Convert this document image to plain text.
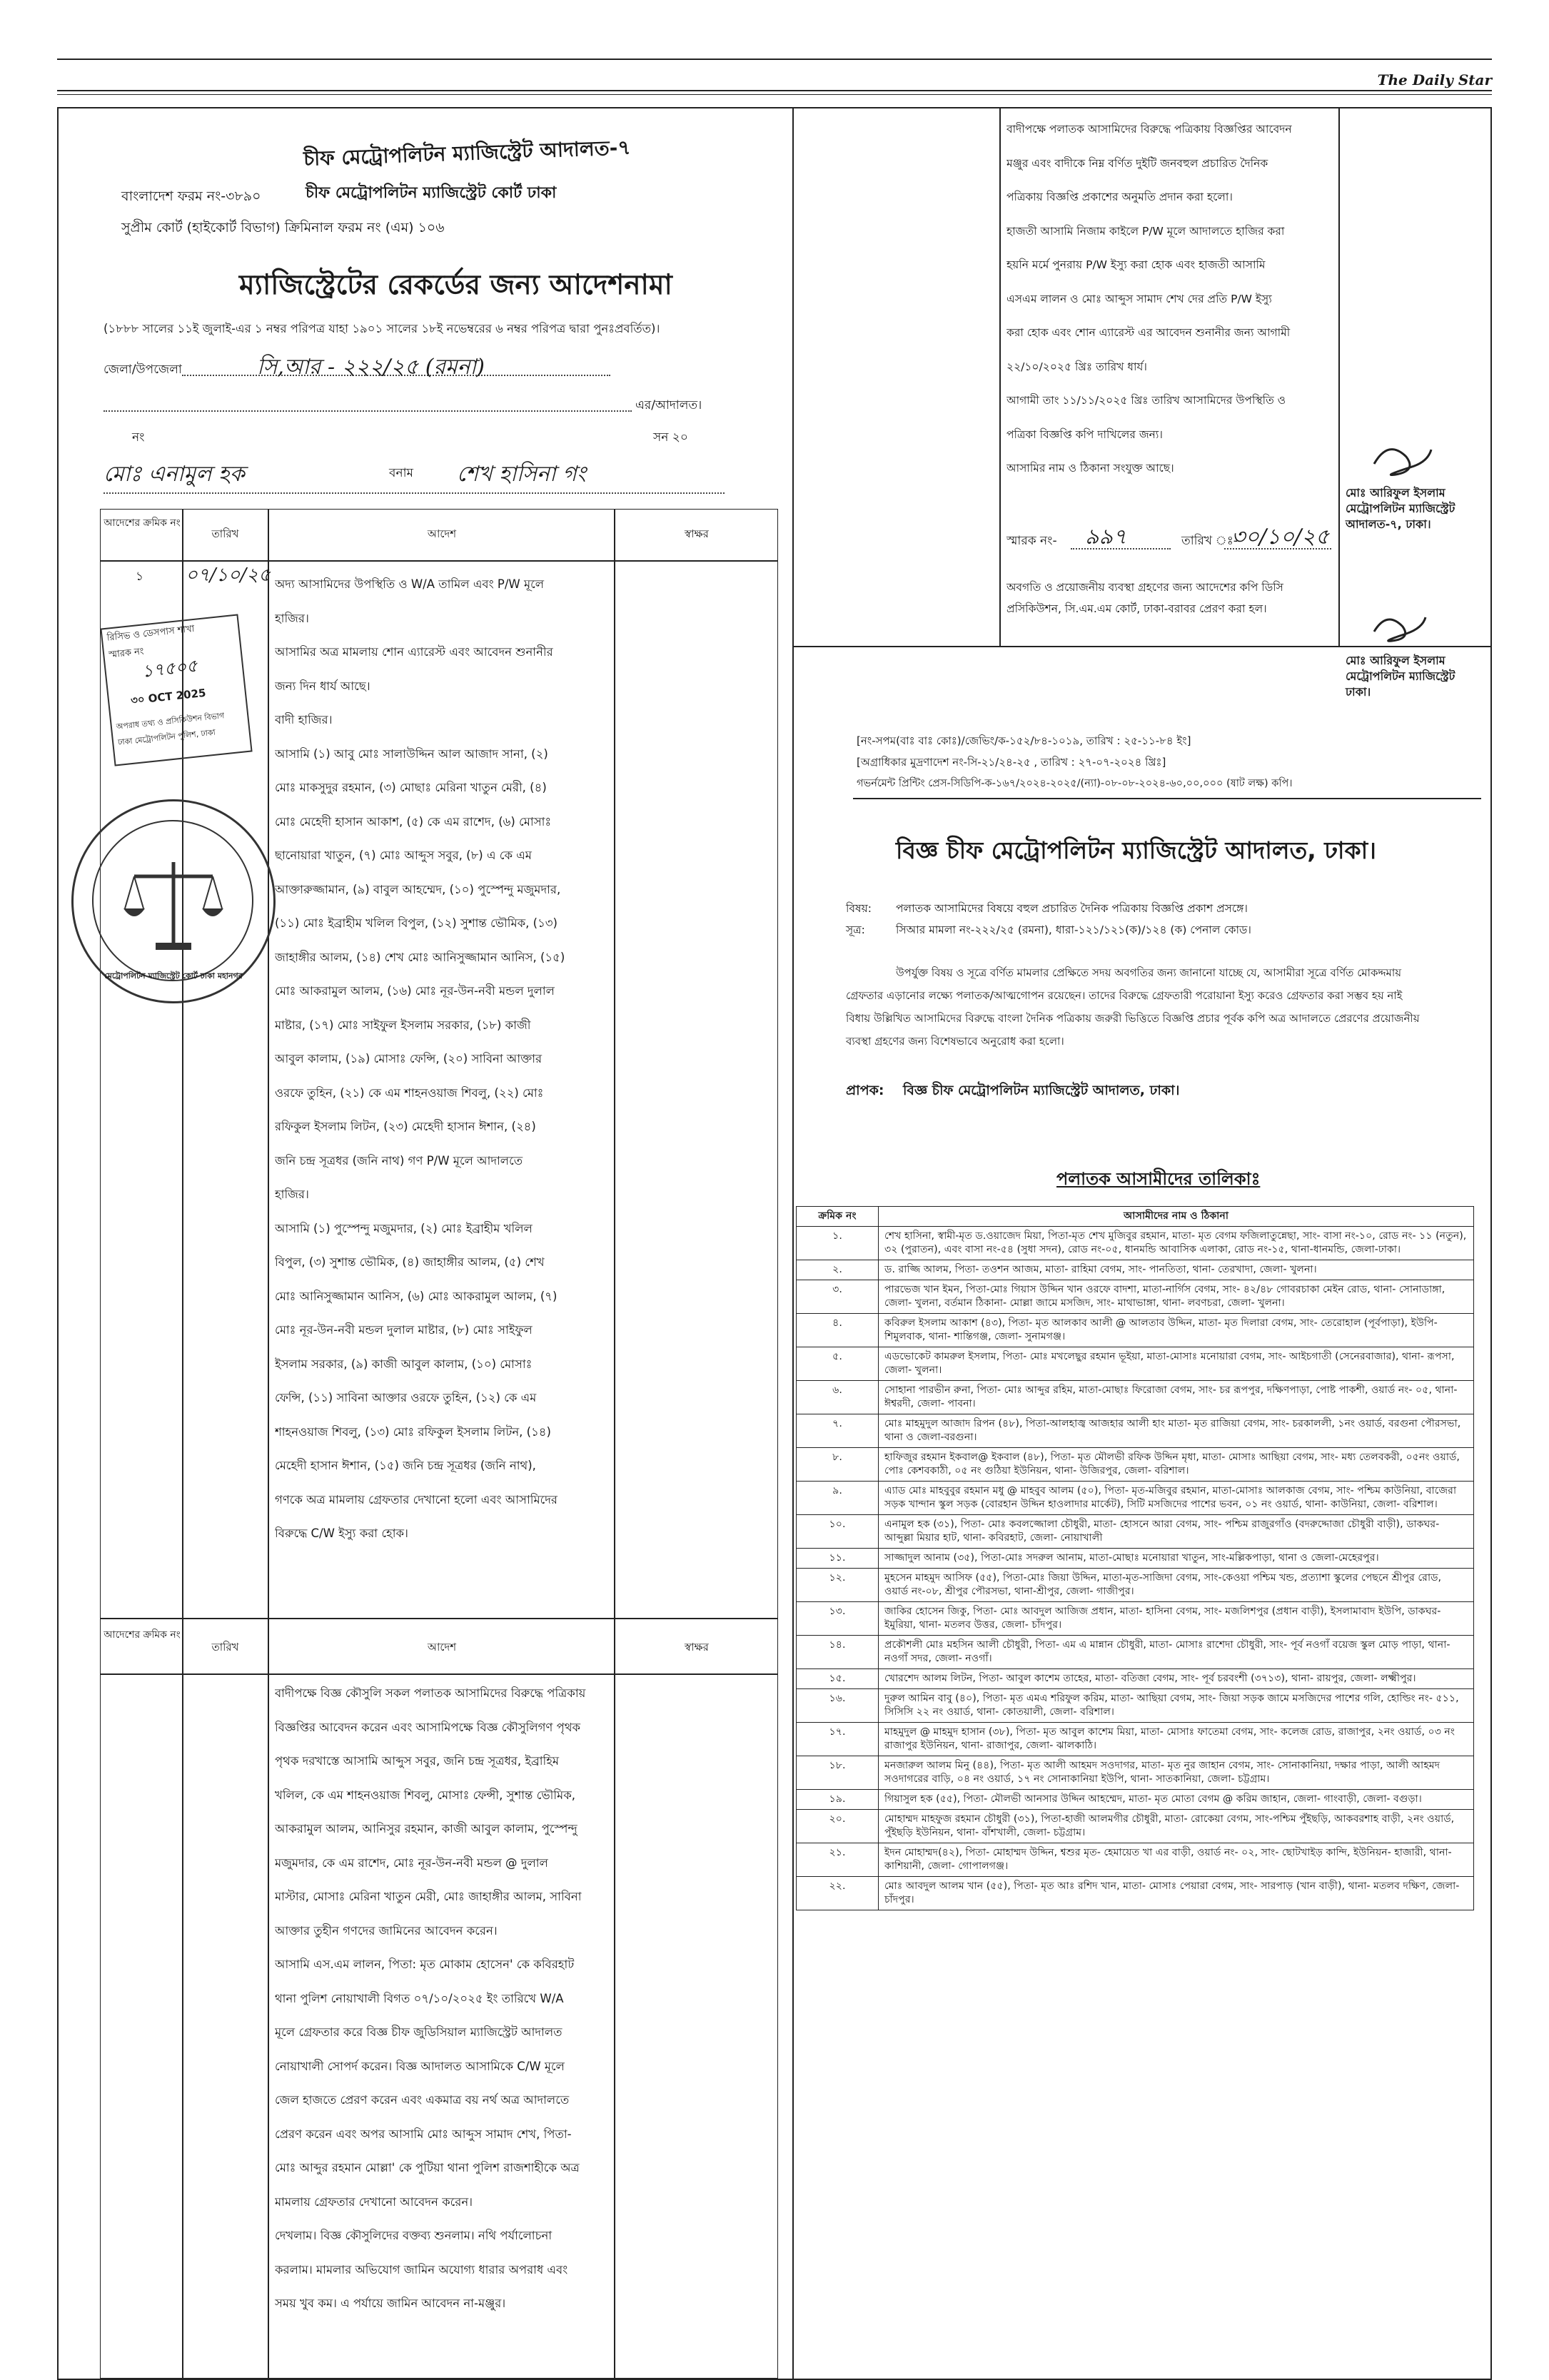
The Daily Star
চীফ মেট্রোপলিটন ম্যাজিস্ট্রেট আদালত-৭
বাংলাদেশ ফরম নং-৩৮৯০	চীফ মেট্রোপলিটন ম্যাজিস্ট্রেট কোর্ট ঢাকা
সুপ্রীম কোর্ট (হাইকোর্ট বিভাগ) ক্রিমিনাল ফরম নং (এম) ১০৬
ম্যাজিস্ট্রেটের রেকর্ডের জন্য আদেশনামা
(১৮৮৮ সালের ১১ই জুলাই-এর ১ নম্বর পরিপত্র যাহা ১৯০১ সালের ১৮ই নভেম্বরের ৬ নম্বর পরিপত্র দ্বারা পুনঃপ্রবর্তিত)।
জেলা/উপজেলা	সি,আর - ২২২/২৫ (রমনা)
এর/আদালত।
নং	সন ২০
মোঃ এনামুল হক	বনাম শেখ হাসিনা গং
আদেশের ক্রমিক নং
তারিখ	আদেশ	স্বাক্ষর
১ ০৭/১০/২৫
রিসিভ ও ডেসপাস শাখা
স্মারক নং
১৭৫০৫
৩০ OCT 2025
অপরাধ তথ্য ও প্রসিকিউশন বিভাগ
ঢাকা মেট্রোপলিটন পুলিশ, ঢাকা
মেট্রোপলিটন ম্যাজিস্ট্রেট কোর্ট ঢাকা মহানগর
অদ্য আসামিদের উপস্থিতি ও W/A তামিল এবং P/W মূলে
হাজির।
আসামির অত্র মামলায় শোন এ্যারেস্ট এবং আবেদন শুনানীর
জন্য দিন ধার্য আছে।
বাদী হাজির।
আসামি (১) আবু মোঃ সালাউদ্দিন আল আজাদ সানা, (২)
মোঃ মাকসুদুর রহমান, (৩) মোছাঃ মেরিনা খাতুন মেরী, (৪)
মোঃ মেহেদী হাসান আকাশ, (৫) কে এম রাশেদ, (৬) মোসাঃ
ছানোয়ারা খাতুন, (৭) মোঃ আব্দুস সবুর, (৮) এ কে এম
আক্তারুজ্জামান, (৯) বাবুল আহম্মেদ, (১০) পুস্পেন্দু মজুমদার,
(১১) মোঃ ইব্রাহীম খলিল বিপুল, (১২) সুশান্ত ভৌমিক, (১৩)
জাহাঙ্গীর আলম, (১৪) শেখ মোঃ আনিসুজ্জামান আনিস, (১৫)
মোঃ আকরামুল আলম, (১৬) মোঃ নূর-উন-নবী মন্ডল দুলাল
মাষ্টার, (১৭) মোঃ সাইফুল ইসলাম সরকার, (১৮) কাজী
আবুল কালাম, (১৯) মোসাঃ ফেন্সি, (২০) সাবিনা আক্তার
ওরফে তুহিন, (২১) কে এম শাহনওয়াজ শিবলু, (২২) মোঃ
রফিকুল ইসলাম লিটন, (২৩) মেহেদী হাসান ঈশান, (২৪)
জনি চন্দ্র সূত্রধর (জনি নাথ) গণ P/W মূলে আদালতে
হাজির।
আসামি (১) পুস্পেন্দু মজুমদার, (২) মোঃ ইব্রাহীম খলিল
বিপুল, (৩) সুশান্ত ভৌমিক, (৪) জাহাঙ্গীর আলম, (৫) শেখ
মোঃ আনিসুজ্জামান আনিস, (৬) মোঃ আকরামুল আলম, (৭)
মোঃ নূর-উন-নবী মন্ডল দুলাল মাষ্টার, (৮) মোঃ সাইফুল
ইসলাম সরকার, (৯) কাজী আবুল কালাম, (১০) মোসাঃ
ফেন্সি, (১১) সাবিনা আক্তার ওরফে তুহিন, (১২) কে এম
শাহনওয়াজ শিবলু, (১৩) মোঃ রফিকুল ইসলাম লিটন, (১৪)
মেহেদী হাসান ঈশান, (১৫) জনি চন্দ্র সূত্রধর (জনি নাথ),
গণকে অত্র মামলায় গ্রেফতার দেখানো হলো এবং আসামিদের
বিরুদ্ধে C/W ইস্যু করা হোক।
আদেশের ক্রমিক নং
তারিখ	আদেশ	স্বাক্ষর
বাদীপক্ষে বিজ্ঞ কৌসুলি সকল পলাতক আসামিদের বিরুদ্ধে পত্রিকায়
বিজ্ঞপ্তির আবেদন করেন এবং আসামিপক্ষে বিজ্ঞ কৌসুলিগণ পৃথক
পৃথক দরখাস্তে আসামি আব্দুস সবুর, জনি চন্দ্র সূত্রধর, ইব্রাহিম
খলিল, কে এম শাহনওয়াজ শিবলু, মোসাঃ ফেন্সী, সুশান্ত ভৌমিক,
আকরামুল আলম, আনিসুর রহমান, কাজী আবুল কালাম, পুস্পেন্দু
মজুমদার, কে এম রাশেদ, মোঃ নূর-উন-নবী মন্ডল @ দুলাল
মাস্টার, মোসাঃ মেরিনা খাতুন মেরী, মোঃ জাহাঙ্গীর আলম, সাবিনা
আক্তার তুহীন গণদের জামিনের আবেদন করেন।
আসামি এস.এম লালন, পিতা: মৃত মোকাম হোসেন' কে কবিরহাট
থানা পুলিশ নোয়াখালী বিগত ০৭/১০/২০২৫ ইং তারিখে W/A
মূলে গ্রেফতার করে বিজ্ঞ চীফ জুডিসিয়াল ম্যাজিস্ট্রেট আদালত
নোয়াখালী সোপর্দ করেন। বিজ্ঞ আদালত আসামিকে C/W মূলে
জেল হাজতে প্রেরণ করেন এবং একমাত্র বয় নর্থ অত্র আদালতে
প্রেরণ করেন এবং অপর আসামি মোঃ আব্দুস সামাদ শেখ, পিতা-
মোঃ আব্দুর রহমান মোল্লা' কে পুটিয়া থানা পুলিশ রাজশাহীকে অত্র
মামলায় গ্রেফতার দেখানো আবেদন করেন।
দেখলাম। বিজ্ঞ কৌসুলিদের বক্তব্য শুনলাম। নথি পর্যালোচনা
করলাম। মামলার অভিযোগ জামিন অযোগ্য ধারার অপরাধ এবং
সময় খুব কম। এ পর্যায়ে জামিন আবেদন না-মঞ্জুর।
বাদীপক্ষে পলাতক আসামিদের বিরুদ্ধে পত্রিকায় বিজ্ঞপ্তির আবেদন
মঞ্জুর এবং বাদীকে নিম্ন বর্ণিত দুইটি জনবহুল প্রচারিত দৈনিক
পত্রিকায় বিজ্ঞপ্তি প্রকাশের অনুমতি প্রদান করা হলো।
হাজতী আসামি নিজাম কাইলে P/W মূলে আদালতে হাজির করা
হয়নি মর্মে পুনরায় P/W ইস্যু করা হোক এবং হাজতী আসামি
এসএম লালন ও মোঃ আব্দুস সামাদ শেখ দের প্রতি P/W ইস্যু
করা হোক এবং শোন এ্যারেস্ট এর আবেদন শুনানীর জন্য আগামী
২২/১০/২০২৫ খ্রিঃ তারিখ ধার্য।
আগামী তাং ১১/১১/২০২৫ খ্রিঃ তারিখ আসামিদের উপস্থিতি ও
পত্রিকা বিজ্ঞপ্তি কপি দাখিলের জন্য।
আসামির নাম ও ঠিকানা সংযুক্ত আছে।
স্মারক নং- ৯৯৭	তারিখ ঃ-
৩০/১০/২৫
অবগতি ও প্রয়োজনীয় ব্যবস্থা গ্রহণের জন্য আদেশের কপি ডিসি
প্রসিকিউশন, সি.এম.এম কোর্ট, ঢাকা-বরাবর প্রেরণ করা হল।
মোঃ আরিফুল ইসলাম
মেট্রোপলিটন ম্যাজিস্ট্রেট
আদালত-৭, ঢাকা।
মোঃ আরিফুল ইসলাম
মেট্রোপলিটন ম্যাজিস্ট্রেট
ঢাকা।
[নং-সপম(বাঃ বাঃ কোঃ)/জেভিং/ক-১৫২/৮৪-১০১৯, তারিখ : ২৫-১১-৮৪ ইং]
[অগ্রাধিকার মুদ্রণাদেশ নং-সি-২১/২৪-২৫ , তারিখ : ২৭-০৭-২০২৪ খ্রিঃ]
গভর্নমেন্ট প্রিন্টিং প্রেস-সিডিপি-ক-১৬৭/২০২৪-২০২৫/(ন্যা)-০৮-০৮-২০২৪-৬০,০০,০০০ (ষাট লক্ষ) কপি।
বিজ্ঞ চীফ মেট্রোপলিটন ম্যাজিস্ট্রেট আদালত, ঢাকা।
বিষয়: পলাতক আসামিদের বিষয়ে বহুল প্রচারিত দৈনিক পত্রিকায় বিজ্ঞপ্তি প্রকাশ প্রসঙ্গে।
সূত্র:	সিআর মামলা নং-২২২/২৫ (রমনা), ধারা-১২১/১২১(ক)/১২৪ (ক) পেনাল কোড।
উপর্যুক্ত বিষয় ও সূত্রে বর্ণিত মামলার প্রেক্ষিতে সদয় অবগতির জন্য জানানো যাচ্ছে যে, আসামীরা সূত্রে বর্ণিত মোকদ্দমায়
গ্রেফতার এড়ানোর লক্ষ্যে পলাতক/আত্মগোপন রয়েছেন। তাদের বিরুদ্ধে গ্রেফতারী পরোয়ানা ইস্যু করেও গ্রেফতার করা সম্ভব হয় নাই
বিধায় উল্লিখিত আসামিদের বিরুদ্ধে বাংলা দৈনিক পত্রিকায় জরুরী ভিত্তিতে বিজ্ঞপ্তি প্রচার পূর্বক কপি অত্র আদালতে প্রেরণের প্রয়োজনীয়
ব্যবস্থা গ্রহণের জন্য বিশেষভাবে অনুরোধ করা হলো।
প্রাপক: বিজ্ঞ চীফ মেট্রোপলিটন ম্যাজিস্ট্রেট আদালত, ঢাকা।
পলাতক আসামীদের তালিকাঃ
ক্রমিক নং	আসামীদের নাম ও ঠিকানা
১.	শেখ হাসিনা, স্বামী-মৃত ড.ওয়াজেদ মিয়া, পিতা-মৃত শেখ মুজিবুর রহমান, মাতা- মৃত বেগম ফজিলাতুন্নেছা, সাং- বাসা নং-১০, রোড নং- ১১ (নতুন), ৩২ (পুরাতন), এবং বাসা নং-৫৪ (সুধা সদন), রোড নং-০৫, ধানমন্ডি আবাসিক এলাকা, রোড নং-১৫, থানা-ধানমন্ডি, জেলা-ঢাকা।
২.	ড. রাজ্জি আলম, পিতা- তওশন আজম, মাতা- রাহিমা বেগম, সাং- পানতিতা, থানা- তেরখাদা, জেলা- খুলনা।
৩.	পারভেজ খান ইমন, পিতা-মোঃ গিয়াস উদ্দিন খান ওরফে বাদশা, মাতা-নার্গিস বেগম, সাং- ৪২/৪৮ গোবরচাকা মেইন রোড, থানা- সোনাডাঙ্গা, জেলা- খুলনা, বর্তমান ঠিকানা- মোল্লা জামে মসজিদ, সাং- মাথাভাঙ্গা, থানা- লবণচরা, জেলা- খুলনা।
৪.	কবিরুল ইসলাম আকাশ (৪৩), পিতা- মৃত আলকাব আলী @ আলতাব উদ্দিন, মাতা- মৃত দিলারা বেগম, সাং- তেরোহাল (পূর্বপাড়া), ইউপি- শিমুলবাক, থানা- শান্তিগঞ্জ, জেলা- সুনামগঞ্জ।
৫.	এডভোকেট কামরুল ইসলাম, পিতা- মোঃ মখলেছুর রহমান ভূইয়া, মাতা-মোসাঃ মনোয়ারা বেগম, সাং- আইচগাতী (সেনেরবাজার), থানা- রূপসা, জেলা- খুলনা।
৬.	সোহানা পারভীন রুনা, পিতা- মোঃ আব্দুর রহিম, মাতা-মোছাঃ ফিরোজা বেগম, সাং- চর রূপপুর, দক্ষিণপাড়া, পোষ্ট পাকশী, ওয়ার্ড নং- ০৫, থানা- ঈশ্বরদী, জেলা- পাবনা।
৭.	মোঃ মাহমুদুল আজাদ রিপন (৪৮), পিতা-আলহাজ্ব আজহার আলী হাং মাতা- মৃত রাজিয়া বেগম, সাং- চরকাললী, ১নং ওয়ার্ড, বরগুনা পৌরসভা, থানা ও জেলা-বরগুনা।
৮.	হাফিজুর রহমান ইকবাল@ ইকবাল (৪৮), পিতা- মৃত মৌলভী রফিক উদ্দিন মৃধা, মাতা- মোসাঃ আছিয়া বেগম, সাং- মধ্য তেলবকরী, ০৫নং ওয়ার্ড, পোঃ কেশবকাঠী, ০৫ নং গুঠিয়া ইউনিয়ন, থানা- উজিরপুর, জেলা- বরিশাল।
৯.	এ্যাড মোঃ মাহবুবুর রহমান মধু @ মাহবুব আলম (৫০), পিতা- মৃত-মজিবুর রহমান, মাতা-মোসাঃ আলকাজ বেগম, সাং- পশ্চিম কাউনিয়া, বাজেরা সড়ক খান্দান স্কুল সড়ক (বোরহান উদ্দিন হাওলাদার মার্কেট), সিটি মসজিদের পাশের ভবন, ০১ নং ওয়ার্ড, থানা- কাউনিয়া, জেলা- বরিশাল।
১০.	এনামুল হক (৩১), পিতা- মোঃ কবলজ্জোলা চৌধুরী, মাতা- হোসনে আরা বেগম, সাং- পশ্চিম রাজুরগাঁও (বদরুদ্দোজা চৌধুরী বাড়ী), ডাকঘর- আব্দুল্লা মিয়ার হাট, থানা- কবিরহাট, জেলা- নোয়াখালী
১১.	সাজ্জাদুল আনাম (৩৫), পিতা-মোঃ সদরুল আনাম, মাতা-মোছাঃ মনোয়ারা খাতুন, সাং-মল্লিকপাড়া, থানা ও জেলা-মেহেরপুর।
১২.	মুহসেন মাহমুদ আসিফ (৫৫), পিতা-মোঃ জিয়া উদ্দিন, মাতা-মৃত-সাজিদা বেগম, সাং-কেওয়া পশ্চিম খন্ড, প্রত্যাশা স্কুলের পেছনে শ্রীপুর রোড, ওয়ার্ড নং-০৮, শ্রীপুর পৌরসভা, থানা-শ্রীপুর, জেলা- গাজীপুর।
১৩.	জাকির হোসেন জিকু, পিতা- মোঃ আবদুল আজিজ প্রধান, মাতা- হাসিনা বেগম, সাং- মজলিশপুর (প্রধান বাড়ী), ইসলামাবাদ ইউপি, ডাকঘর- ইমুরিয়া, থানা- মতলব উত্তর, জেলা- চাঁদপুর।
১৪.	প্রকৌশলী মোঃ মহসিন আলী চৌধুরী, পিতা- এম এ মান্নান চৌধুরী, মাতা- মোসাঃ রাশেদা চৌধুরী, সাং- পূর্ব নওগাঁ বয়েজ স্কুল মোড় পাড়া, থানা- নওগাঁ সদর, জেলা- নওগাঁ।
১৫.	খোরশেদ আলম লিটন, পিতা- আবুল কাশেম তাহের, মাতা- বতিজা বেগম, সাং- পূর্ব চরবংশী (৩৭১৩), থানা- রায়পুর, জেলা- লক্ষ্মীপুর।
১৬.	দুরুল আমিন বাবু (৪০), পিতা- মৃত এমএ শরিফুল করিম, মাতা- আছিয়া বেগম, সাং- জিয়া সড়ক জামে মসজিদের পাশের গলি, হোল্ডিং নং- ৫১১, সিসিসি ২২ নং ওয়ার্ড, থানা- কোতয়ালী, জেলা- বরিশাল।
১৭.	মাহমুদুল @ মাহমুদ হাসান (৩৮), পিতা- মৃত আবুল কাশেম মিয়া, মাতা- মোসাঃ ফাতেমা বেগম, সাং- কলেজ রোড, রাজাপুর, ২নং ওয়ার্ড, ০৩ নং রাজাপুর ইউনিয়ন, থানা- রাজাপুর, জেলা- ঝালকাঠি।
১৮.	মনজারুল আলম মিনু (৪৪), পিতা- মৃত আলী আহমদ সওদাগর, মাতা- মৃত নুর জাহান বেগম, সাং- সোনাকানিয়া, দক্ষার পাড়া, আলী আহমদ সওদাগরের বাড়ি, ০৪ নং ওয়ার্ড, ১৭ নং সোনাকানিয়া ইউপি, থানা- সাতকানিয়া, জেলা- চট্টগ্রাম।
১৯.	গিয়াসুল হক (৫৫), পিতা- মৌলভী আনসার উদ্দিন আহম্মেদ, মাতা- মৃত মোতা বেগম @ করিম জাহান, জেলা- গাংবাড়ী, জেলা- বগুড়া।
২০.	মোহাম্মদ মাহফুজ রহমান চৌধুরী (৩১), পিতা-হাজী আলমগীর চৌধুরী, মাতা- রোকেয়া বেগম, সাং-পশ্চিম পুঁইছড়ি, আকবরশাহ বাড়ী, ২নং ওয়ার্ড, পুঁইছড়ি ইউনিয়ন, থানা- বাঁশখালী, জেলা- চট্টগ্রাম।
২১.	ইদন মোহাম্মদ(৪২), পিতা- মোহাম্মদ উদ্দিন, শ্বশুর মৃত- হেমায়েত খা এর বাড়ী, ওয়ার্ড নং- ০২, সাং- ছোটখাইড় কান্দি, ইউনিয়ন- হাজারী, থানা- কাশিয়ানী, জেলা- গোপালগঞ্জ।
২২.	মোঃ আবদুল আলম খান (৫৫), পিতা- মৃত আঃ রশিদ খান, মাতা- মোসাঃ পেয়ারা বেগম, সাং- সারপাড় (খান বাড়ী), থানা- মতলব দক্ষিণ, জেলা- চাঁদপুর।
